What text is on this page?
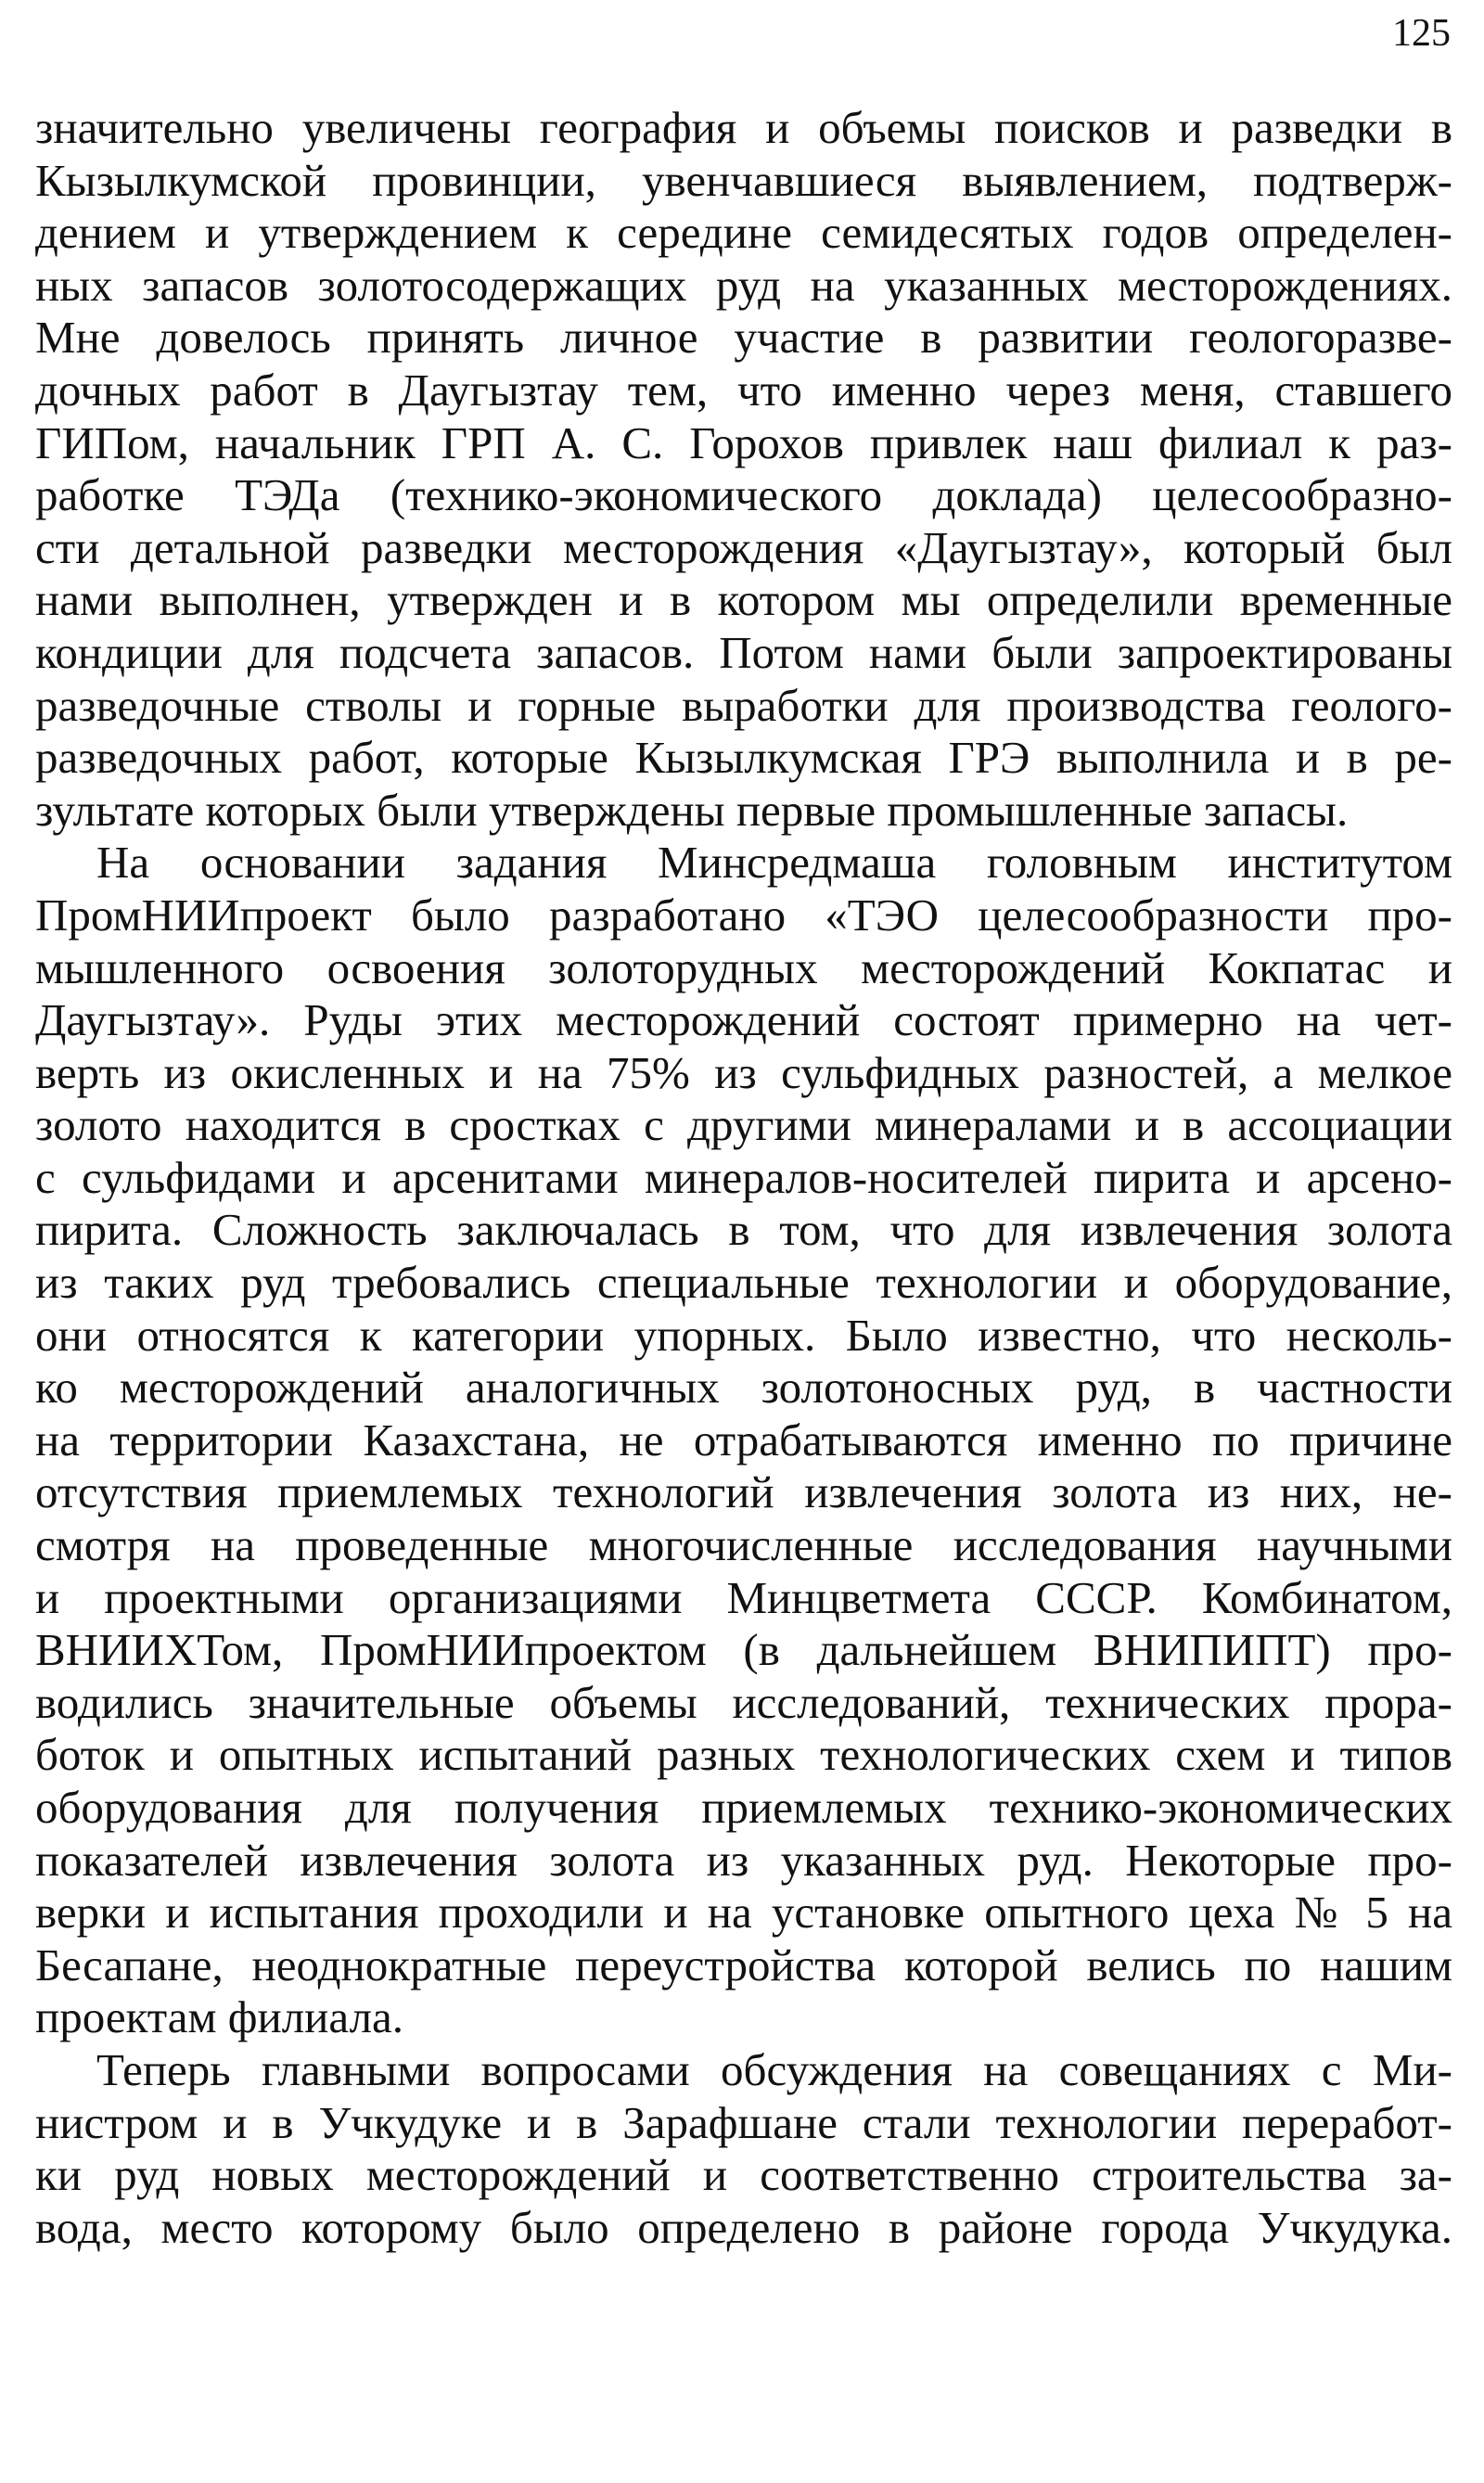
125
значительно увеличены география и объемы поисков и разведки в
Кызылкумской провинции, увенчавшиеся выявлением, подтверж-
дением и утверждением к середине семидесятых годов определен-
ных запасов золотосодержащих руд на указанных месторождениях.
Мне довелось принять личное участие в развитии геологоразве-
дочных работ в Даугызтау тем, что именно через меня, ставшего
ГИПом, начальник ГРП А. С. Горохов привлек наш филиал к раз-
работке ТЭДа (технико-экономического доклада) целесообразно-
сти детальной разведки месторождения «Даугызтау», который был
нами выполнен, утвержден и в котором мы определили временные
кондиции для подсчета запасов. Потом нами были запроектированы
разведочные стволы и горные выработки для производства геолого-
разведочных работ, которые Кызылкумская ГРЭ выполнила и в ре-
зультате которых были утверждены первые промышленные запасы.
На основании задания Минсредмаша головным институтом
ПромНИИпроект было разработано «ТЭО целесообразности про-
мышленного освоения золоторудных месторождений Кокпатас и
Даугызтау». Руды этих месторождений состоят примерно на чет-
верть из окисленных и на 75% из сульфидных разностей, а мелкое
золото находится в сростках с другими минералами и в ассоциации
с сульфидами и арсенитами минералов-носителей пирита и арсено-
пирита. Сложность заключалась в том, что для извлечения золота
из таких руд требовались специальные технологии и оборудование,
они относятся к категории упорных. Было известно, что несколь-
ко месторождений аналогичных золотоносных руд, в частности
на территории Казахстана, не отрабатываются именно по причине
отсутствия приемлемых технологий извлечения золота из них, не-
смотря на проведенные многочисленные исследования научными
и проектными организациями Минцветмета СССР. Комбинатом,
ВНИИХТом, ПромНИИпроектом (в дальнейшем ВНИПИПТ) про-
водились значительные объемы исследований, технических прора-
боток и опытных испытаний разных технологических схем и типов
оборудования для получения приемлемых технико-экономических
показателей извлечения золота из указанных руд. Некоторые про-
верки и испытания проходили и на установке опытного цеха № 5 на
Бесапане, неоднократные переустройства которой велись по нашим
проектам филиала.
Теперь главными вопросами обсуждения на совещаниях с Ми-
нистром и в Учкудуке и в Зарафшане стали технологии переработ-
ки руд новых месторождений и соответственно строительства за-
вода, место которому было определено в районе города Учкудука.
